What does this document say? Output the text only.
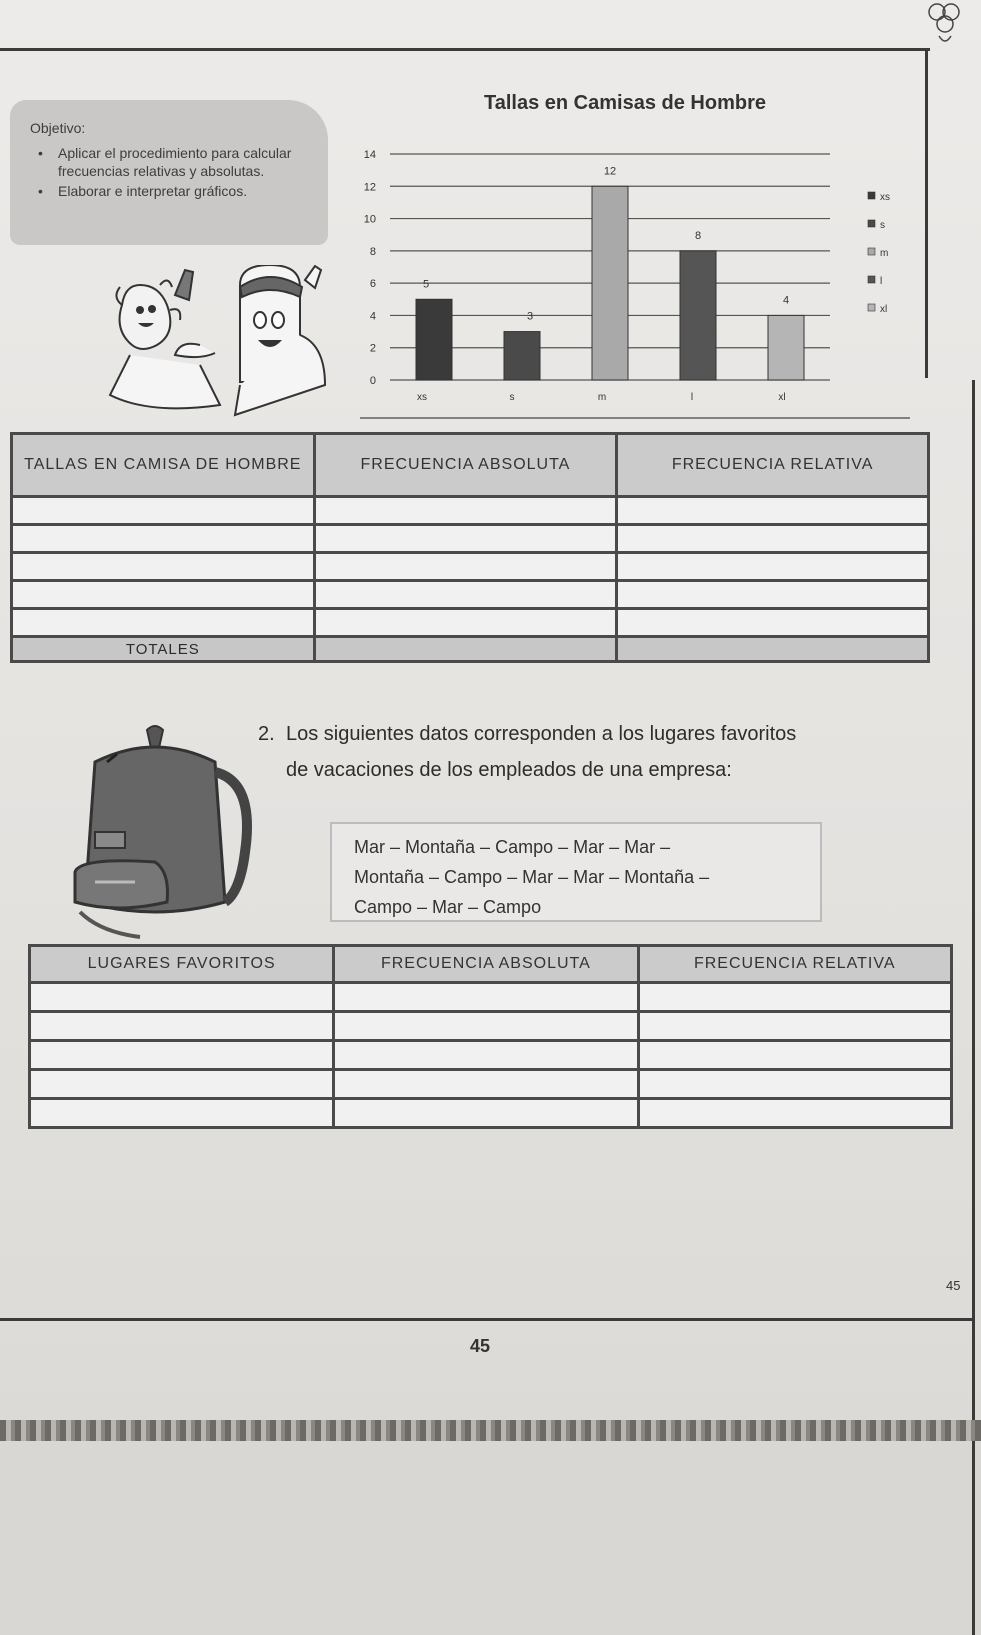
Objetivo:
• Aplicar el procedimiento para calcular frecuencias relativas y absolutas.
• Elaborar e interpretar gráficos.
Tallas en Camisas de Hombre
0
2
4
6
8
10
12
14
5
xs
3
s
12
m
8
l
4
xl
xs
s
m
l
xl
TALLAS EN CAMISA DE HOMBRE	FRECUENCIA ABSOLUTA	FRECUENCIA RELATIVA

TOTALES		
2. Los siguientes datos corresponden a los lugares favoritos de vacaciones de los empleados de una empresa:
Mar – Montaña – Campo – Mar – Mar –
Montaña – Campo – Mar – Mar – Montaña –
Campo – Mar – Campo
LUGARES FAVORITOS	FRECUENCIA ABSOLUTA	FRECUENCIA RELATIVA

45
45
